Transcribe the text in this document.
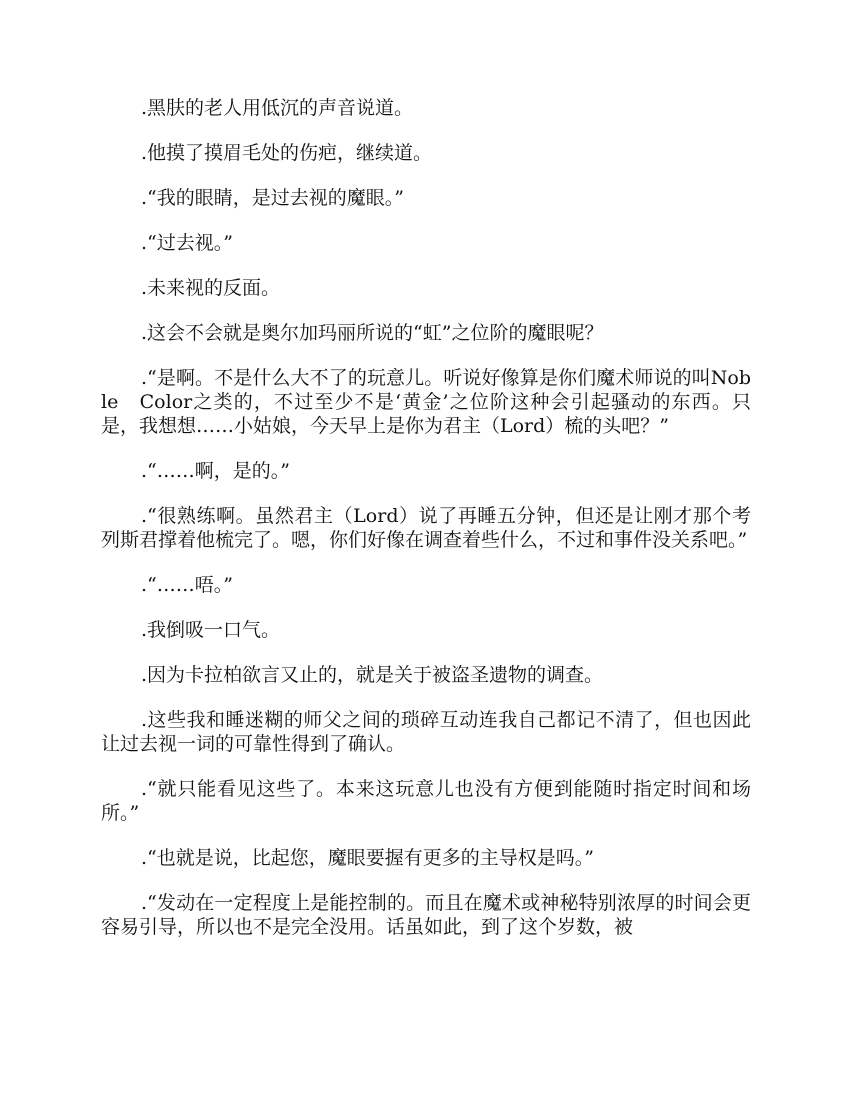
.黑肤的老人用低沉的声音说道。

.他摸了摸眉毛处的伤疤，继续道。

.“我的眼睛，是过去视的魔眼。”

.“过去视。”

.未来视的反面。

.这会不会就是奥尔加玛丽所说的“虹”之位阶的魔眼呢？

.“是啊。不是什么大不了的玩意儿。听说好像算是你们魔术师说的叫Noble　Color之类的，不过至少不是‘黄金’之位阶这种会引起骚动的东西。只是，我想想……小姑娘，今天早上是你为君主（Lord）梳的头吧？”

.“……啊，是的。”

.“很熟练啊。虽然君主（Lord）说了再睡五分钟，但还是让刚才那个考列斯君撑着他梳完了。嗯，你们好像在调查着些什么，不过和事件没关系吧。”

.“……唔。”

.我倒吸一口气。

.因为卡拉柏欲言又止的，就是关于被盗圣遗物的调查。

.这些我和睡迷糊的师父之间的琐碎互动连我自己都记不清了，但也因此让过去视一词的可靠性得到了确认。

.“就只能看见这些了。本来这玩意儿也没有方便到能随时指定时间和场所。”

.“也就是说，比起您，魔眼要握有更多的主导权是吗。”

.“发动在一定程度上是能控制的。而且在魔术或神秘特别浓厚的时间会更容易引导，所以也不是完全没用。话虽如此，到了这个岁数，被
